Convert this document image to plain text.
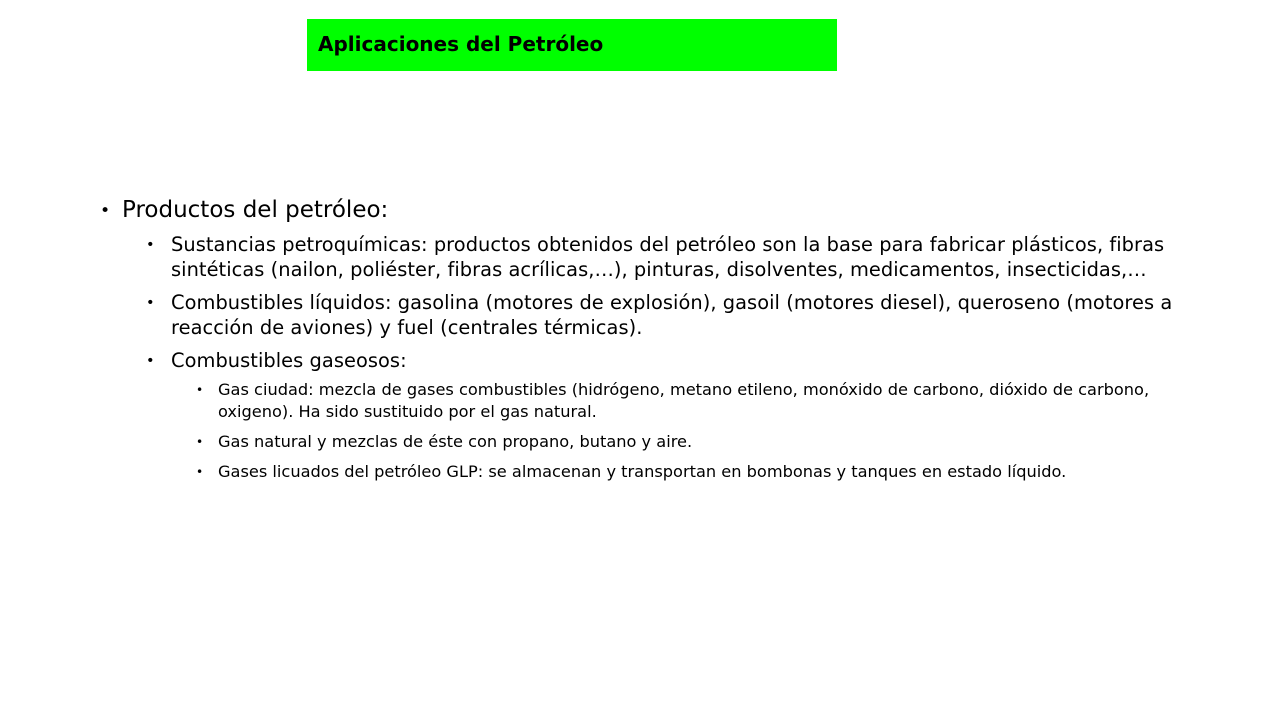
Aplicaciones del Petróleo
• Productos del petróleo:
• Sustancias petroquímicas: productos obtenidos del petróleo son la base para fabricar plásticos, fibras sintéticas (nailon, poliéster, fibras acrílicas,…), pinturas, disolventes, medicamentos, insecticidas,…
• Combustibles líquidos: gasolina (motores de explosión), gasoil (motores diesel), queroseno (motores a reacción de aviones) y fuel (centrales térmicas).
• Combustibles gaseosos:
• Gas ciudad: mezcla de gases combustibles (hidrógeno, metano etileno, monóxido de carbono, dióxido de carbono, oxigeno). Ha sido sustituido por el gas natural.
• Gas natural y mezclas de éste con propano, butano y aire.
• Gases licuados del petróleo GLP: se almacenan y transportan en bombonas y tanques en estado líquido.
